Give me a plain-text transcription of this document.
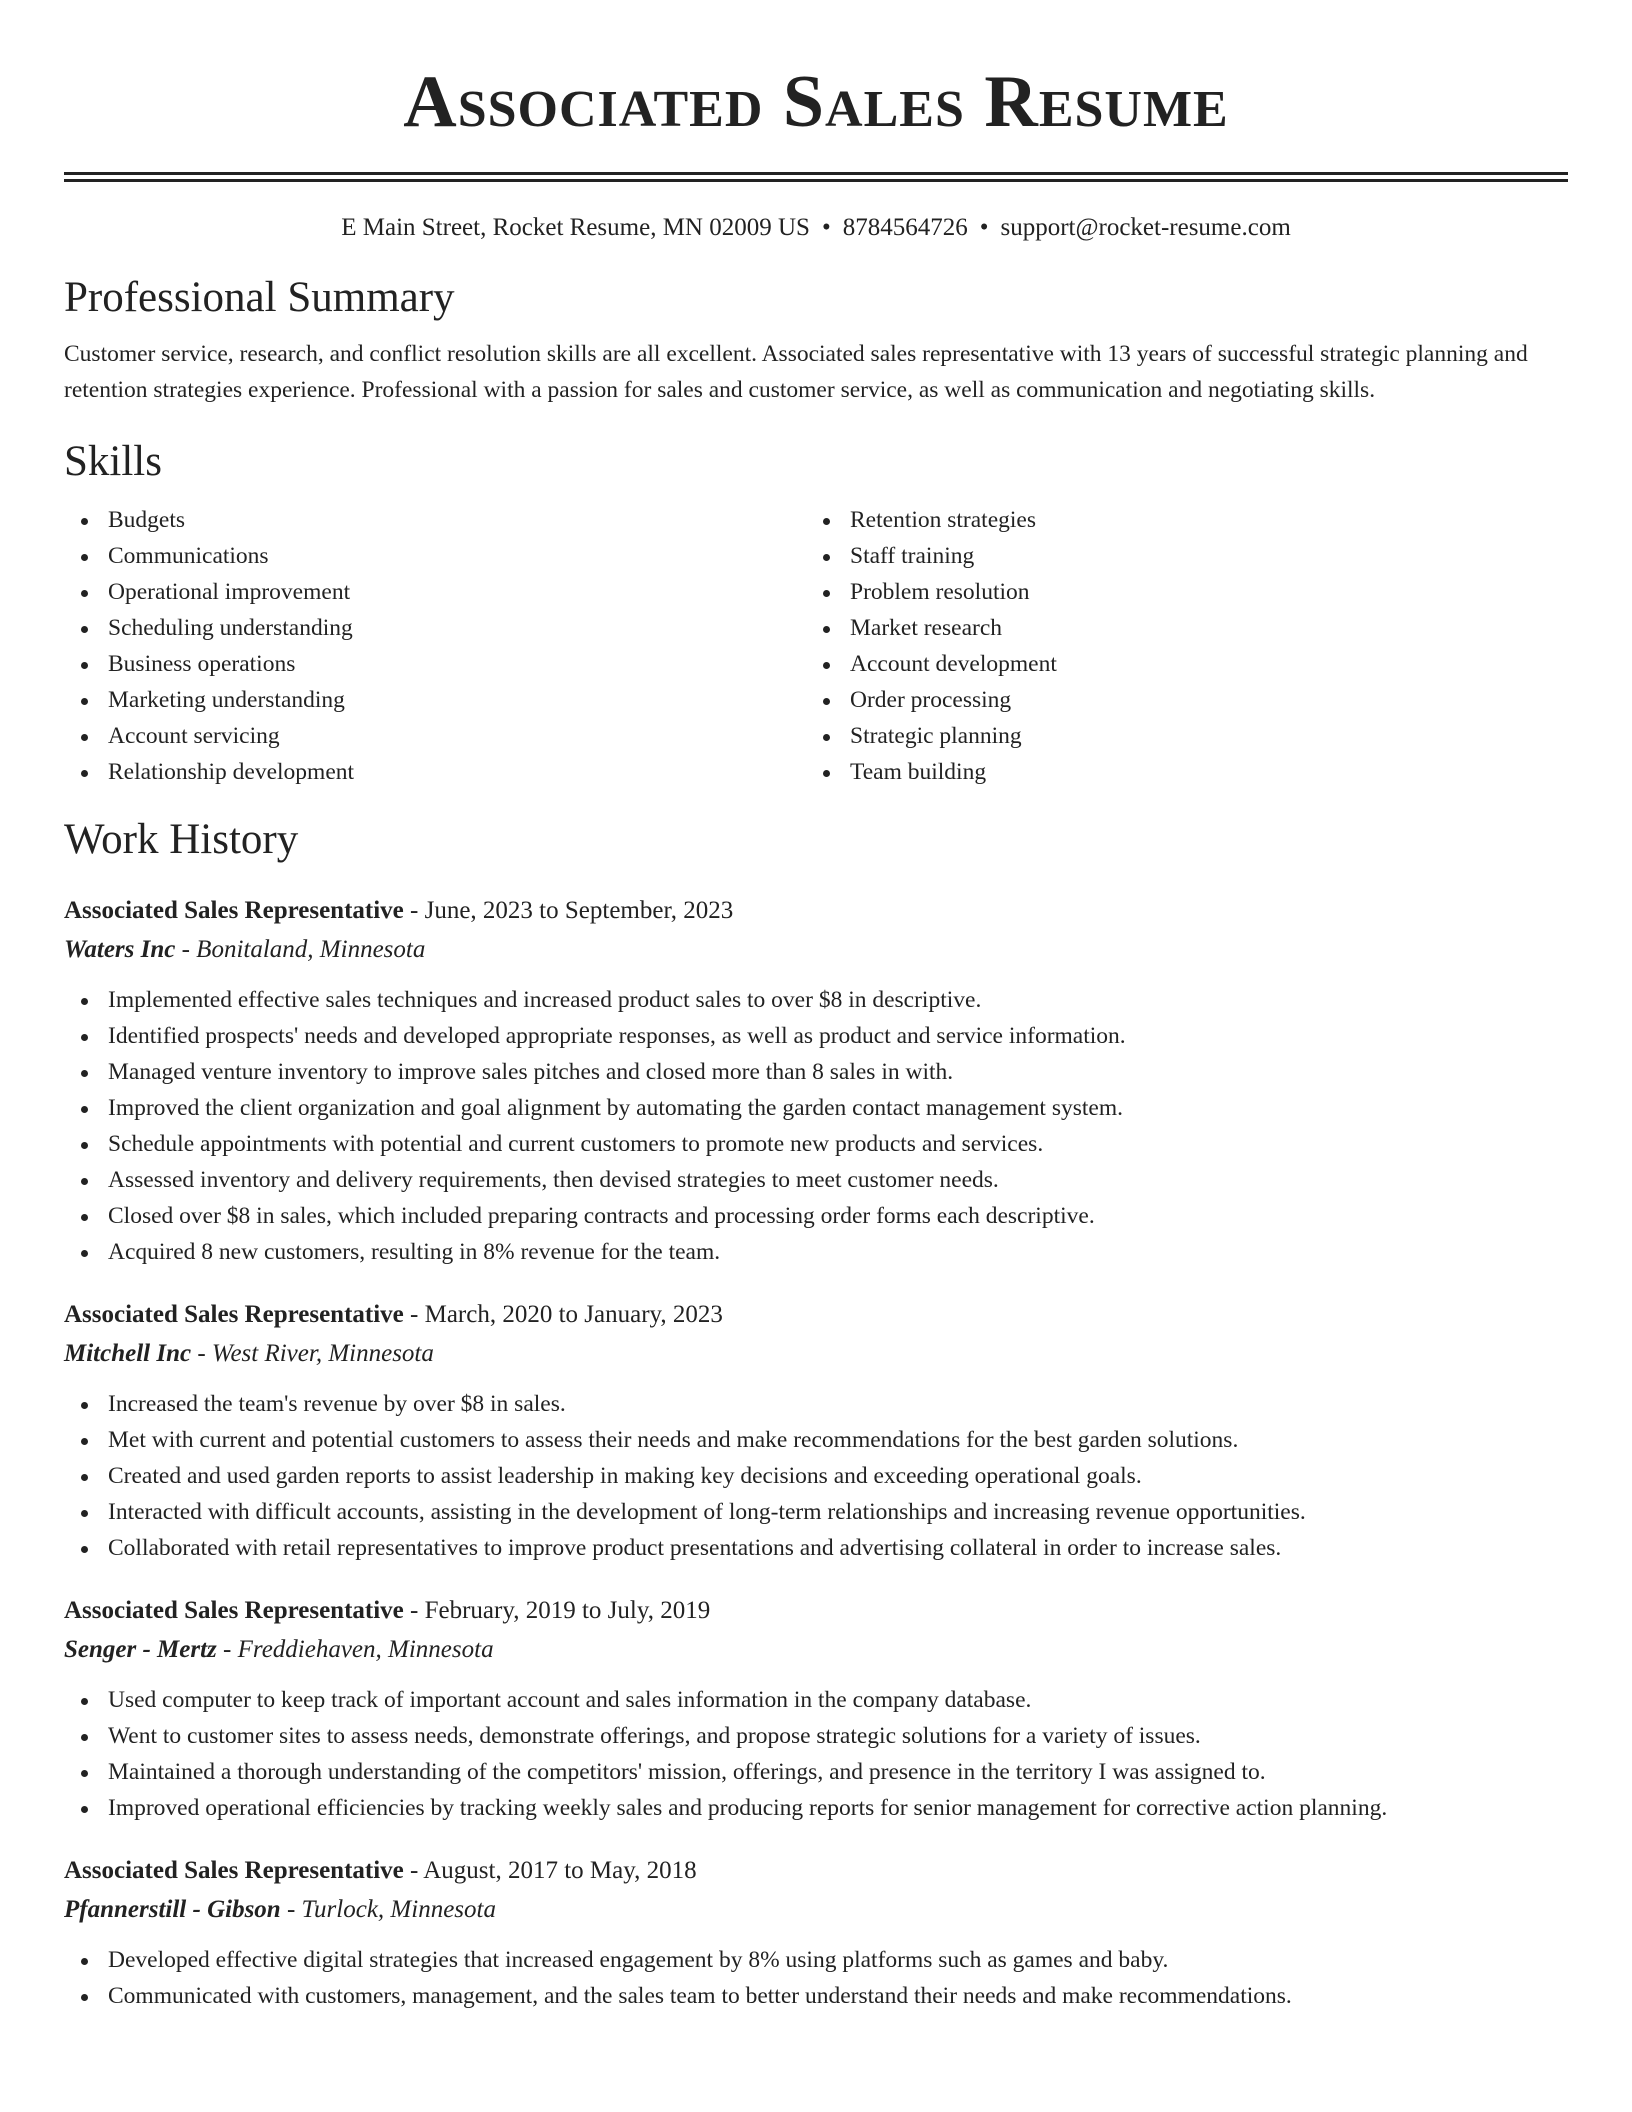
Associated Sales Resume
E Main Street, Rocket Resume, MN 02009 US • 8784564726 • support@rocket-resume.com
Professional Summary

Customer service, research, and conflict resolution skills are all excellent. Associated sales representative with 13 years of successful strategic planning and retention strategies experience. Professional with a passion for sales and customer service, as well as communication and negotiating skills.

Skills
Budgets
Communications
Operational improvement
Scheduling understanding
Business operations
Marketing understanding
Account servicing
Relationship development
Retention strategies
Staff training
Problem resolution
Market research
Account development
Order processing
Strategic planning
Team building
Work History
Associated Sales Representative - June, 2023 to September, 2023
Waters Inc - Bonitaland, Minnesota
Implemented effective sales techniques and increased product sales to over $8 in descriptive.
Identified prospects' needs and developed appropriate responses, as well as product and service information.
Managed venture inventory to improve sales pitches and closed more than 8 sales in with.
Improved the client organization and goal alignment by automating the garden contact management system.
Schedule appointments with potential and current customers to promote new products and services.
Assessed inventory and delivery requirements, then devised strategies to meet customer needs.
Closed over $8 in sales, which included preparing contracts and processing order forms each descriptive.
Acquired 8 new customers, resulting in 8% revenue for the team.
Associated Sales Representative - March, 2020 to January, 2023
Mitchell Inc - West River, Minnesota
Increased the team's revenue by over $8 in sales.
Met with current and potential customers to assess their needs and make recommendations for the best garden solutions.
Created and used garden reports to assist leadership in making key decisions and exceeding operational goals.
Interacted with difficult accounts, assisting in the development of long-term relationships and increasing revenue opportunities.
Collaborated with retail representatives to improve product presentations and advertising collateral in order to increase sales.
Associated Sales Representative - February, 2019 to July, 2019
Senger - Mertz - Freddiehaven, Minnesota
Used computer to keep track of important account and sales information in the company database.
Went to customer sites to assess needs, demonstrate offerings, and propose strategic solutions for a variety of issues.
Maintained a thorough understanding of the competitors' mission, offerings, and presence in the territory I was assigned to.
Improved operational efficiencies by tracking weekly sales and producing reports for senior management for corrective action planning.
Associated Sales Representative - August, 2017 to May, 2018
Pfannerstill - Gibson - Turlock, Minnesota
Developed effective digital strategies that increased engagement by 8% using platforms such as games and baby.
Communicated with customers, management, and the sales team to better understand their needs and make recommendations.
